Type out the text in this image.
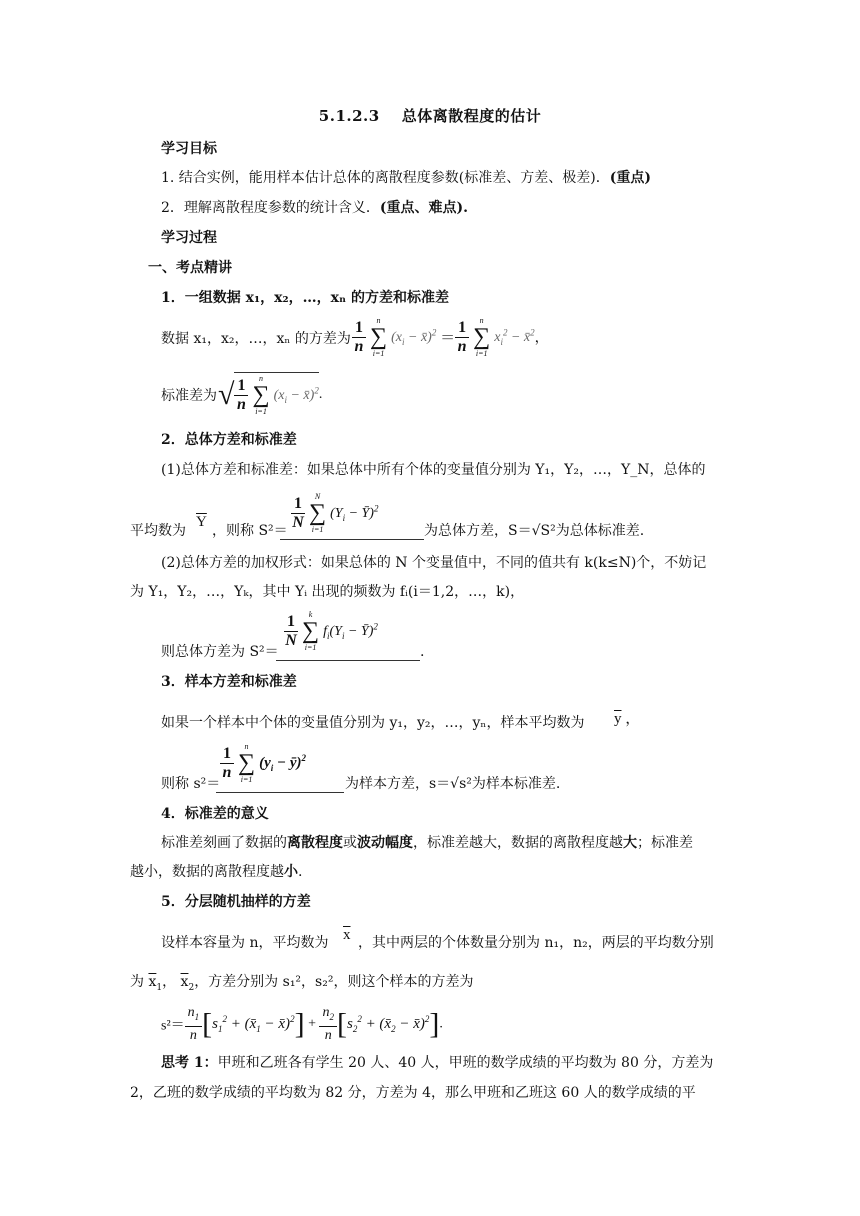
5.1.2.3 总体离散程度的估计
学习目标
1. 结合实例，能用样本估计总体的离散程度参数(标准差、方差、极差)．(重点)
2．理解离散程度参数的统计含义．(重点、难点).
学习过程
一、考点精讲
1．一组数据 x₁，x₂，…，xₙ 的方差和标准差
数据 x₁，x₂，…，xₙ 的方差为 $\frac{1}{n}$	n
∑
i=1
($x_i$ − x̄)$^2$ ＝ $\frac{1}{n}$	n
∑
i=1
$x_i^2$ − x̄$^2$，
标准差为 √ $\frac{1}{n}$	n
∑
i=1
($x_i$ − x̄)$^2$.
2．总体方差和标准差
(1)总体方差和标准差：如果总体中所有个体的变量值分别为 Y₁，Y₂，…，Y_N，总体的
平均数为
$\overline{Y}$
，则称 $S^2= \frac{1}{N}$	N
∑
i=1
($Y_i$ − Ȳ)$^2$
为总体方差，S＝√S²为总体标准差.
(2)总体方差的加权形式：如果总体的 N 个变量值中，不同的值共有 k(k≤N)个，不妨记
为 Y₁，Y₂，…，Yₖ，其中 Yᵢ 出现的频数为 fᵢ(i＝1,2，…，k)，
则总体方差为 S²＝
$\frac{1}{N}$	k
∑
i=1
$f_i(Y_i$ − Ȳ)$^2$
.
3．样本方差和标准差
如果一个样本中个体的变量值分别为 y₁，y₂，…，yₙ，样本平均数为 $\overline{y}$ ，
则称 s²＝
$\frac{1}{n}$	n
∑
i=1
($y_i$ − ȳ)$^2$
为样本方差，s＝√s²为样本标准差.
4．标准差的意义
标准差刻画了数据的离散程度或波动幅度，标准差越大，数据的离散程度越大；标准差
越小，数据的离散程度越小.
5．分层随机抽样的方差
设样本容量为 n，平均数为 $\overline{x}$ ，其中两层的个体数量分别为 n₁，n₂，两层的平均数分别
为 $\overline{x}_1$， $\overline{x}_2$，方差分别为 s₁²，s₂²，则这个样本的方差为
$s^2= \frac{n_1}{n} [s_1^2$ + ($x̄_1$ − x̄)$^2$] + $\frac{n_2}{n} [s_2^2$ + ($x̄_2$ − x̄)$^2$].
思考 1：甲班和乙班各有学生 20 人、40 人，甲班的数学成绩的平均数为 80 分，方差为
2，乙班的数学成绩的平均数为 82 分，方差为 4，那么甲班和乙班这 60 人的数学成绩的平
